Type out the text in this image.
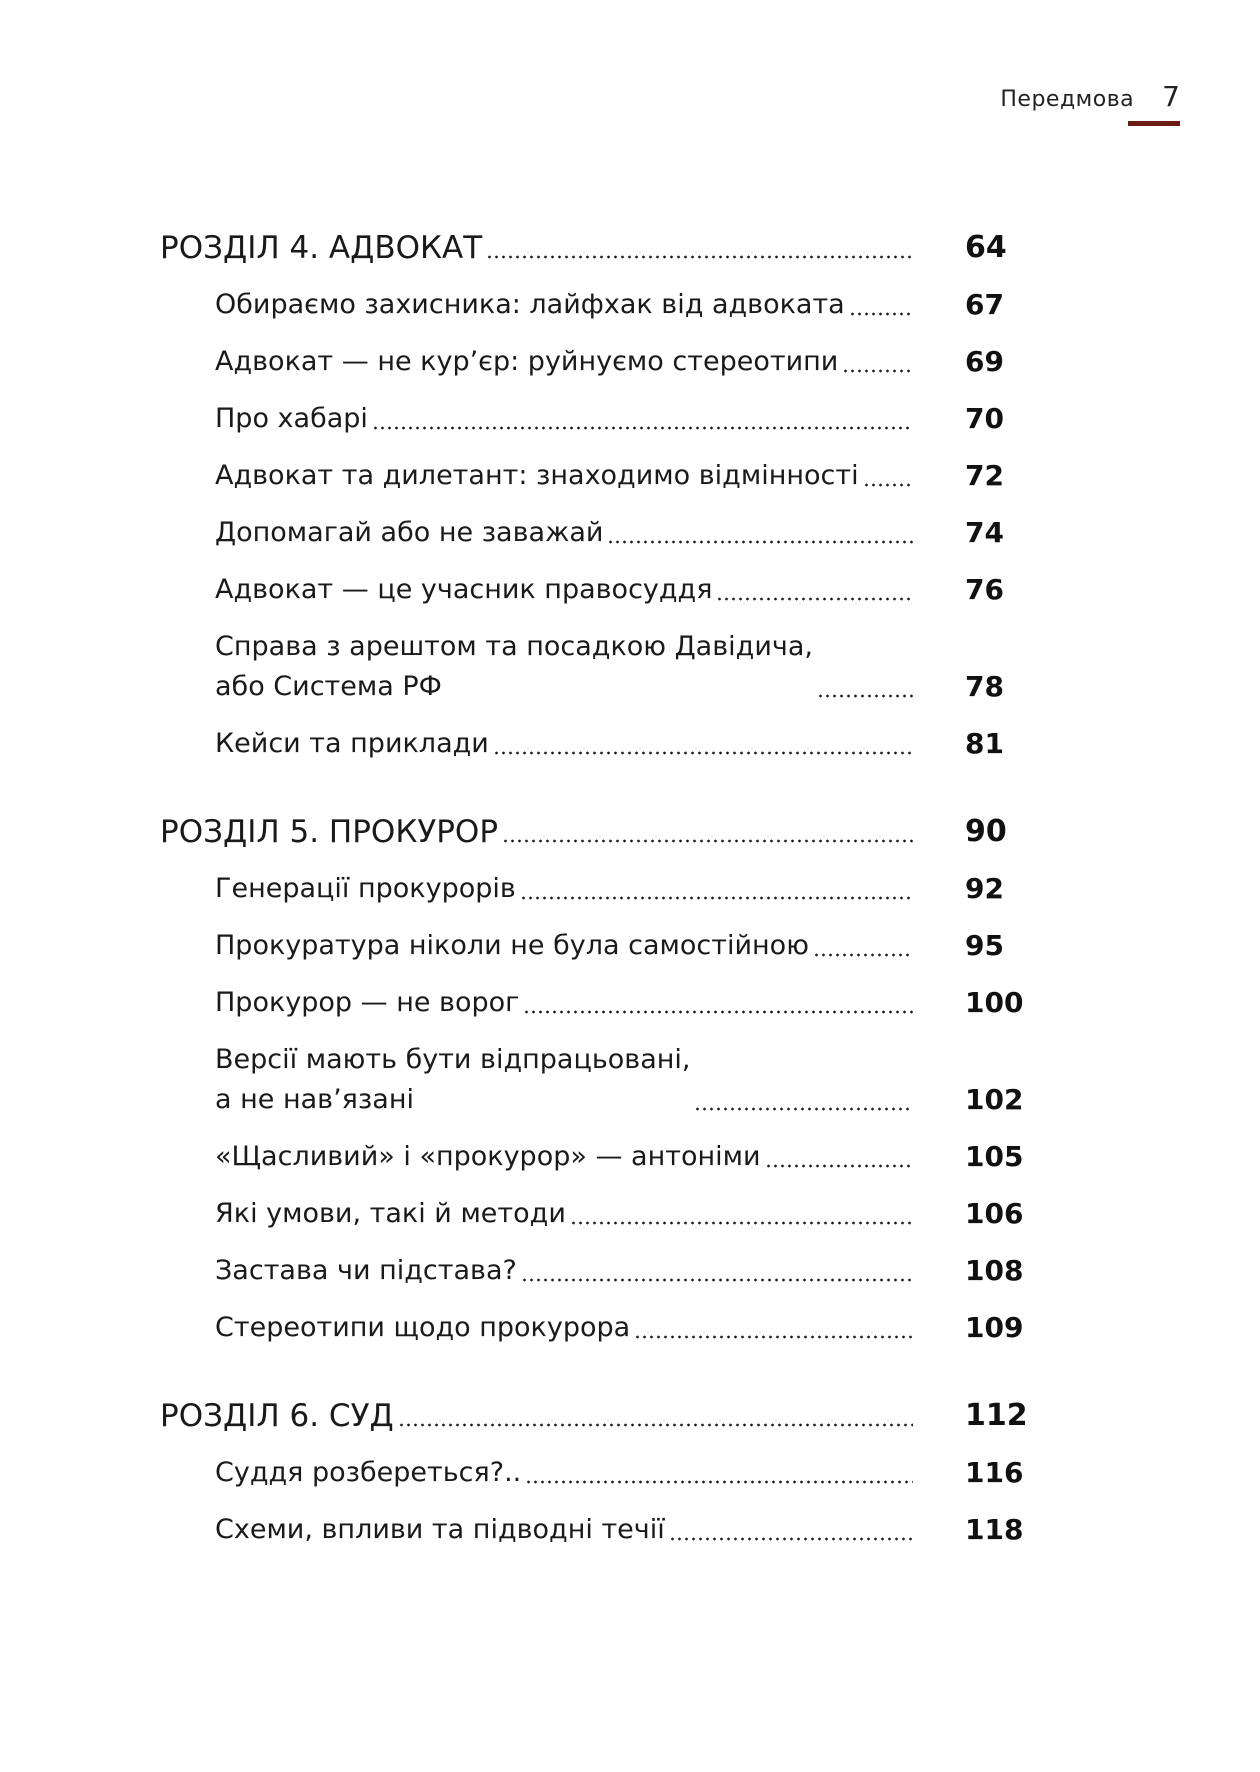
Передмова 7
РОЗДІЛ 4. АДВОКАТ	64
Обираємо захисника: лайфхак від адвоката	67
Адвокат — не кур’єр: руйнуємо стереотипи	69
Про хабарі	70
Адвокат та дилетант: знаходимо відмінності	72
Допомагай або не заважай	74
Адвокат — це учасник правосуддя	76
Справа з арештом та посадкою Давідича,
або Система РФ	78
Кейси та приклади	81
РОЗДІЛ 5. ПРОКУРОР	90
Генерації прокурорів	92
Прокуратура ніколи не була самостійною	95
Прокурор — не ворог	100
Версії мають бути відпрацьовані,
а не нав’язані	102
«Щасливий» і «прокурор» — антоніми	105
Які умови, такі й методи	106
Застава чи підстава?	108
Стереотипи щодо прокурора	109
РОЗДІЛ 6. СУД	112
Суддя розбереться?..	116
Схеми, впливи та підводні течії	118
